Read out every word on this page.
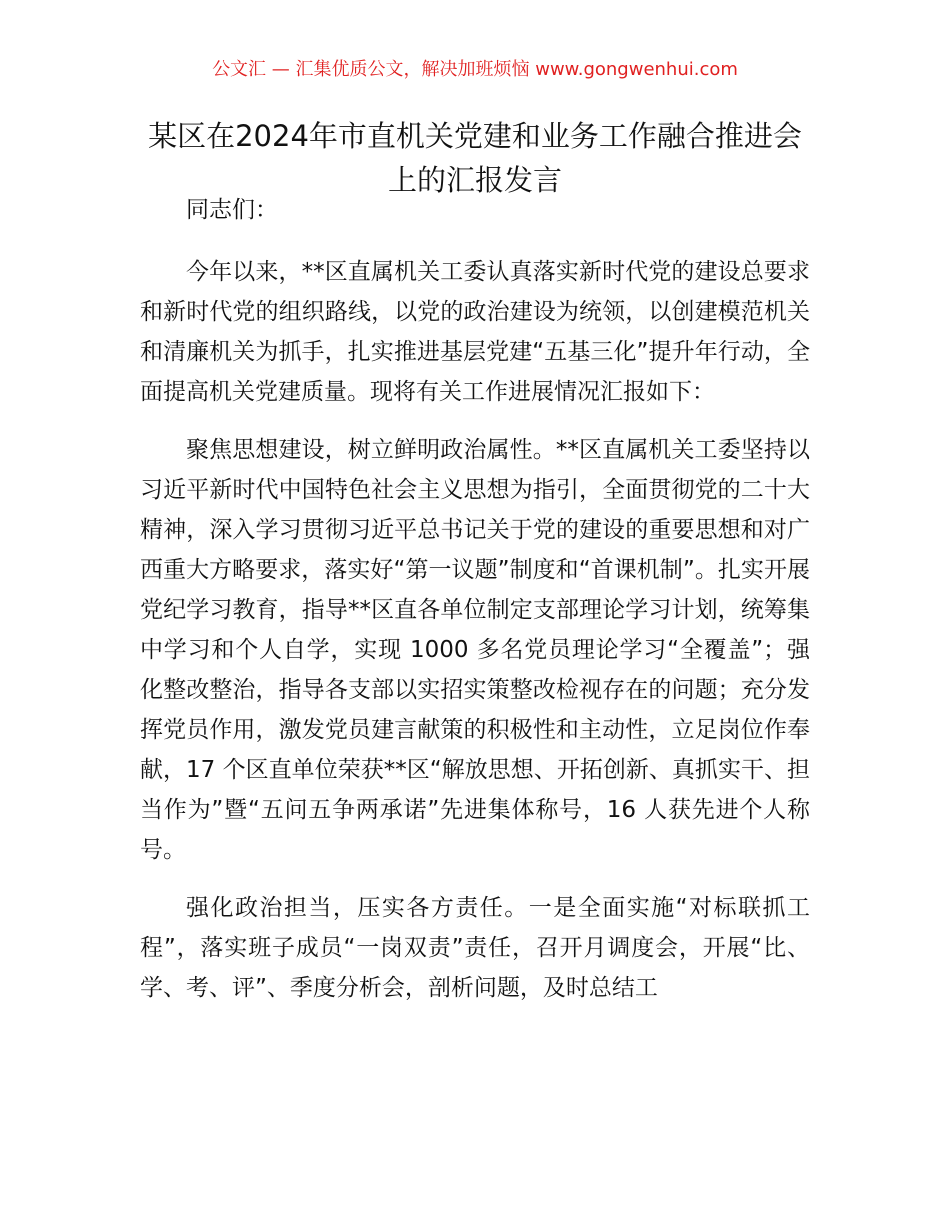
公文汇 — 汇集优质公文，解决加班烦恼 www.gongwenhui.com
某区在2024年市直机关党建和业务工作融合推进会上的汇报发言

同志们：

今年以来，**区直属机关工委认真落实新时代党的建设总要求和新时代党的组织路线，以党的政治建设为统领，以创建模范机关和清廉机关为抓手，扎实推进基层党建“五基三化”提升年行动，全面提高机关党建质量。现将有关工作进展情况汇报如下：

聚焦思想建设，树立鲜明政治属性。**区直属机关工委坚持以习近平新时代中国特色社会主义思想为指引，全面贯彻党的二十大精神，深入学习贯彻习近平总书记关于党的建设的重要思想和对广西重大方略要求，落实好“第一议题”制度和“首课机制”。扎实开展党纪学习教育，指导**区直各单位制定支部理论学习计划，统筹集中学习和个人自学，实现 1000 多名党员理论学习“全覆盖”；强化整改整治，指导各支部以实招实策整改检视存在的问题；充分发挥党员作用，激发党员建言献策的积极性和主动性，立足岗位作奉献，17 个区直单位荣获**区“解放思想、开拓创新、真抓实干、担当作为”暨“五问五争两承诺”先进集体称号，16 人获先进个人称号。

强化政治担当，压实各方责任。一是全面实施“对标联抓工程”，落实班子成员“一岗双责”责任，召开月调度会，开展“比、学、考、评”、季度分析会，剖析问题，及时总结工
